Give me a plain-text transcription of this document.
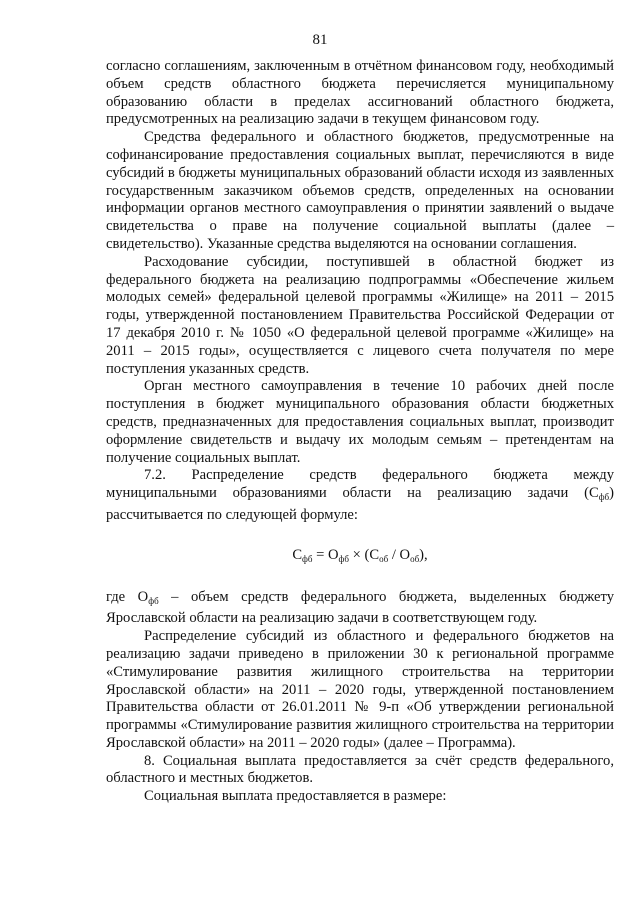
81

согласно соглашениям, заключенным в отчётном финансовом году, необходимый объем средств областного бюджета перечисляется муниципальному образованию области в пределах ассигнований областного бюджета, предусмотренных на реализацию задачи в текущем финансовом году.

Средства федерального и областного бюджетов, предусмотренные на софинансирование предоставления социальных выплат, перечисляются в виде субсидий в бюджеты муниципальных образований области исходя из заявленных государственным заказчиком объемов средств, определенных на основании информации органов местного самоуправления о принятии заявлений о выдаче свидетельства о праве на получение социальной выплаты (далее – свидетельство). Указанные средства выделяются на основании соглашения.

Расходование субсидии, поступившей в областной бюджет из федерального бюджета на реализацию подпрограммы «Обеспечение жильем молодых семей» федеральной целевой программы «Жилище» на 2011 – 2015 годы, утвержденной постановлением Правительства Российской Федерации от 17 декабря 2010 г. № 1050 «О федеральной целевой программе «Жилище» на 2011 – 2015 годы», осуществляется с лицевого счета получателя по мере поступления указанных средств.

Орган местного самоуправления в течение 10 рабочих дней после поступления в бюджет муниципального образования области бюджетных средств, предназначенных для предоставления социальных выплат, производит оформление свидетельств и выдачу их молодым семьям – претендентам на получение социальных выплат.

7.2. Распределение средств федерального бюджета между муниципальными образованиями области на реализацию задачи $(С_{фб})$ рассчитывается по следующей формуле:

$С_{фб} = О_{фб} \times (С_{об} / О_{об})$,

где $О_{фб}$ – объем средств федерального бюджета, выделенных бюджету Ярославской области на реализацию задачи в соответствующем году.

Распределение субсидий из областного и федерального бюджетов на реализацию задачи приведено в приложении 30 к региональной программе «Стимулирование развития жилищного строительства на территории Ярославской области» на 2011 – 2020 годы, утвержденной постановлением Правительства области от 26.01.2011 № 9-п «Об утверждении региональной программы «Стимулирование развития жилищного строительства на территории Ярославской области» на 2011 – 2020 годы» (далее – Программа).

8. Социальная выплата предоставляется за счёт средств федерального, областного и местных бюджетов.

Социальная выплата предоставляется в размере:
